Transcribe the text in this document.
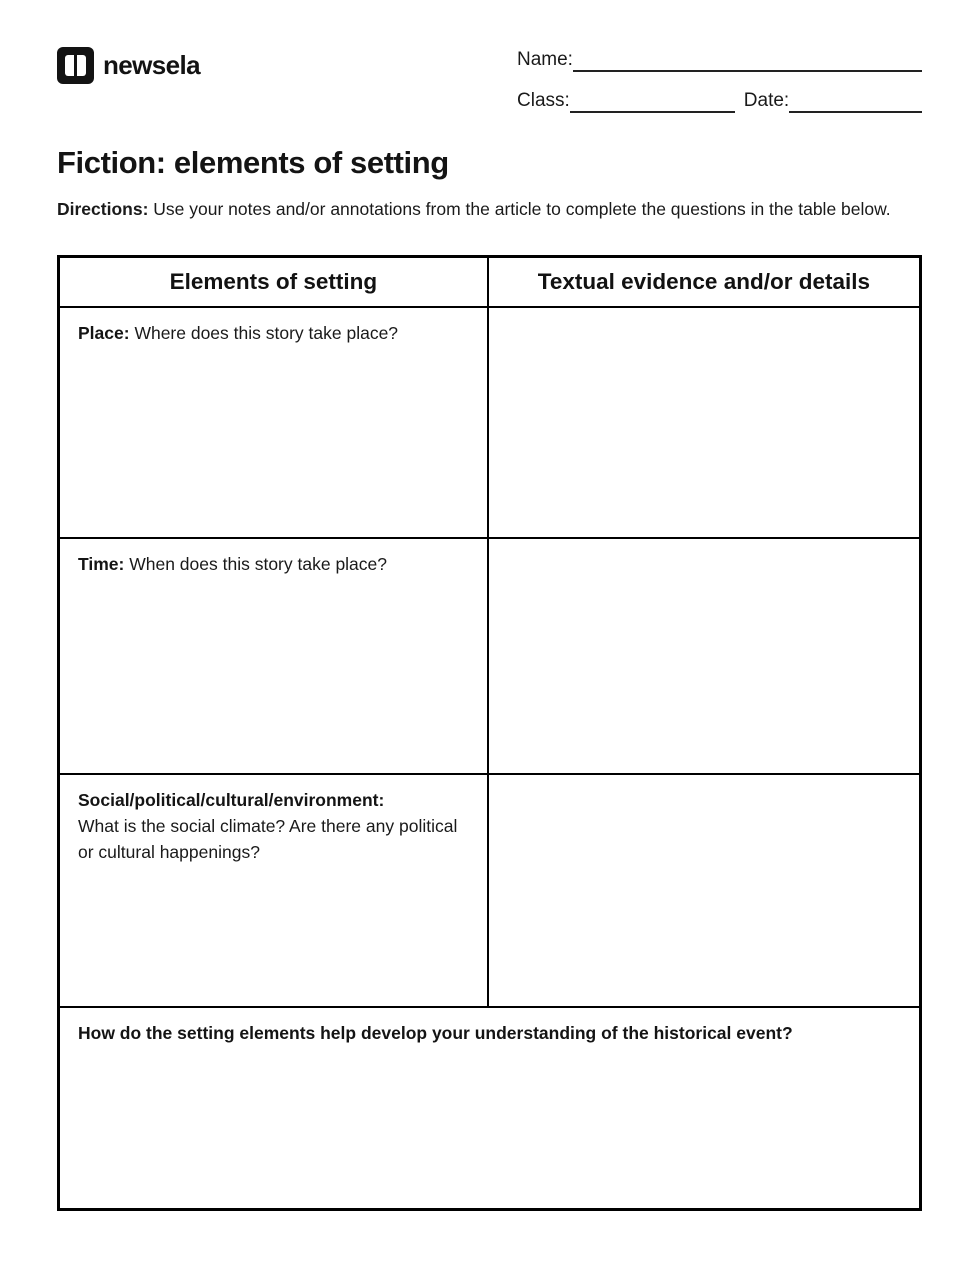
newsela	Name:
Class:	Date:
Fiction: elements of setting

Directions: Use your notes and/or annotations from the article to complete the questions in the table below.

Elements of setting	Textual evidence and/or details
Place: Where does this story take place?	
Time: When does this story take place?	

Social/political/cultural/environment:
What is the social climate? Are there any political or cultural happenings?	
How do the setting elements help develop your understanding of the historical event?	
